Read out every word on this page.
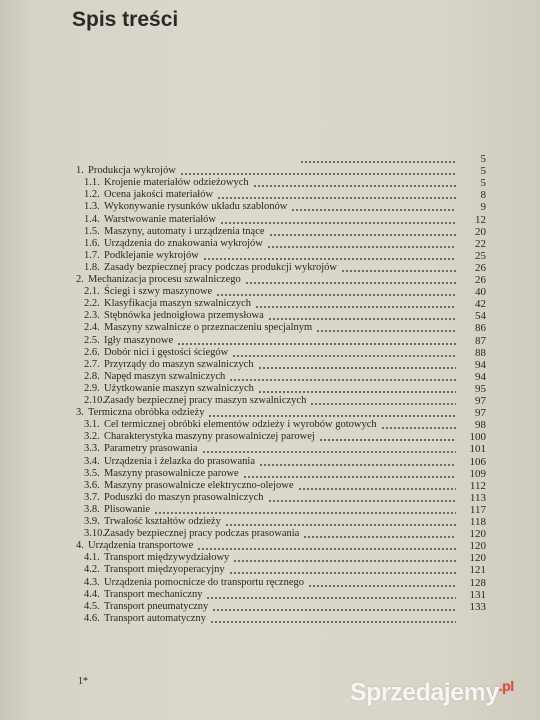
Spis treści
5
1. Produkcja wykrojów	5
1.1. Krojenie materiałów odzieżowych	5
1.2. Ocena jakości materiałów	8
1.3. Wykonywanie rysunków układu szablonów	9
1.4. Warstwowanie materiałów	12
1.5. Maszyny, automaty i urządzenia tnące	20
1.6. Urządzenia do znakowania wykrojów	22
1.7. Podklejanie wykrojów	25
1.8. Zasady bezpiecznej pracy podczas produkcji wykrojów	26
2. Mechanizacja procesu szwalniczego	26
2.1. Ściegi i szwy maszynowe	40
2.2. Klasyfikacja maszyn szwalniczych	42
2.3. Stębnówka jednoigłowa przemysłowa	54
2.4. Maszyny szwalnicze o przeznaczeniu specjalnym	86
2.5. Igły maszynowe	87
2.6. Dobór nici i gęstości ściegów	88
2.7. Przyrządy do maszyn szwalniczych	94
2.8. Napęd maszyn szwalniczych	94
2.9. Użytkowanie maszyn szwalniczych	95
2.10. Zasady bezpiecznej pracy maszyn szwalniczych	97
3. Termiczna obróbka odzieży	97
3.1. Cel termicznej obróbki elementów odzieży i wyrobów gotowych	98
3.2. Charakterystyka maszyny prasowalniczej parowej	100
3.3. Parametry prasowania	101
3.4. Urządzenia i żelazka do prasowania	106
3.5. Maszyny prasowalnicze parowe	109
3.6. Maszyny prasowalnicze elektryczno-olejowe	112
3.7. Poduszki do maszyn prasowalniczych	113
3.8. Plisowanie	117
3.9. Trwałość kształtów odzieży	118
3.10. Zasady bezpiecznej pracy podczas prasowania	120
4. Urządzenia transportowe	120
4.1. Transport międzywydziałowy	120
4.2. Transport międzyoperacyjny	121
4.3. Urządzenia pomocnicze do transportu ręcznego	128
4.4. Transport mechaniczny	131
4.5. Transport pneumatyczny	133
4.6. Transport automatyczny
1*	Sprzedajemy$^{.pl}$
